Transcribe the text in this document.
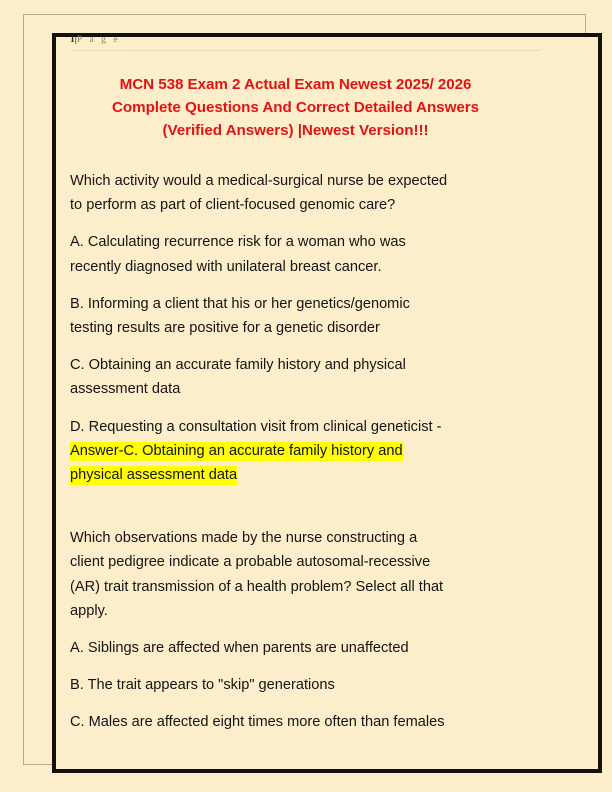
1|P a g e
MCN 538 Exam 2 Actual Exam Newest 2025/ 2026
Complete Questions And Correct Detailed Answers
(Verified Answers) |Newest Version!!!

Which activity would a medical-surgical nurse be expected
to perform as part of client-focused genomic care?

A. Calculating recurrence risk for a woman who was
recently diagnosed with unilateral breast cancer.

B. Informing a client that his or her genetics/genomic
testing results are positive for a genetic disorder

C. Obtaining an accurate family history and physical
assessment data

D. Requesting a consultation visit from clinical geneticist -
Answer-C. Obtaining an accurate family history and
physical assessment data

Which observations made by the nurse constructing a
client pedigree indicate a probable autosomal-recessive
(AR) trait transmission of a health problem? Select all that
apply.

A. Siblings are affected when parents are unaffected

B. The trait appears to "skip" generations

C. Males are affected eight times more often than females
